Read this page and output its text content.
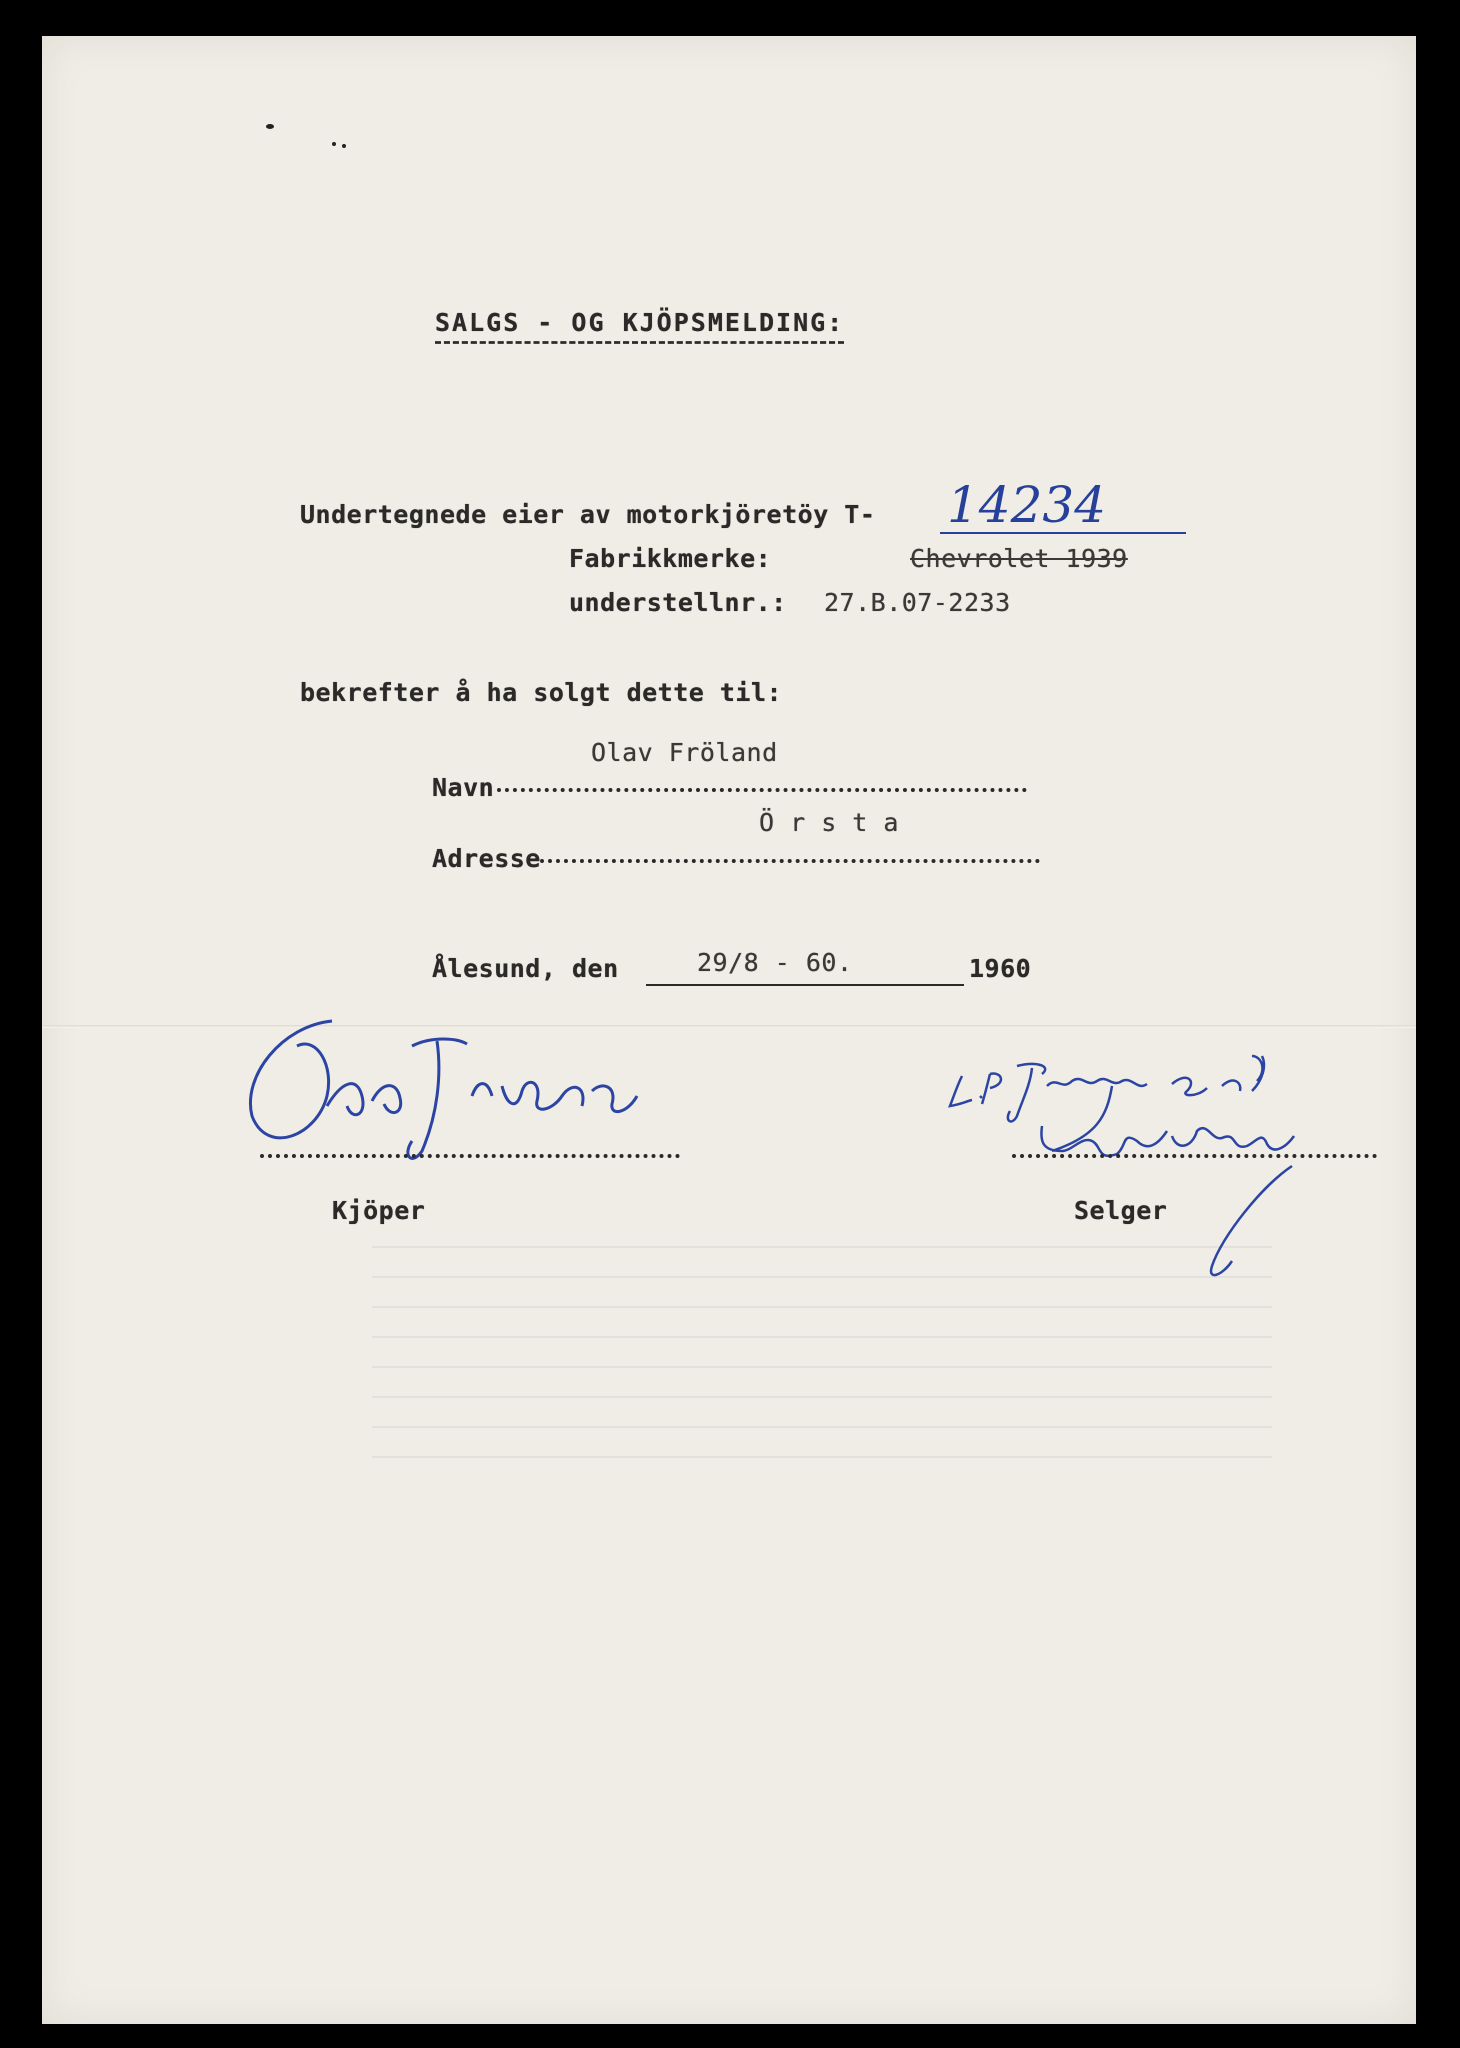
SALGS - OG KJÖPSMELDING:
Undertegnede eier av motorkjöretöy T- 14234
Fabrikkmerke:	Chevrolet 1939
understellnr.: 27.B.07-2233
bekrefter å ha solgt dette til:
Olav Fröland
Navn
Ö r s t a
Adresse
Ålesund, den	29/8 - 60.	1960
Kjöper	Selger
